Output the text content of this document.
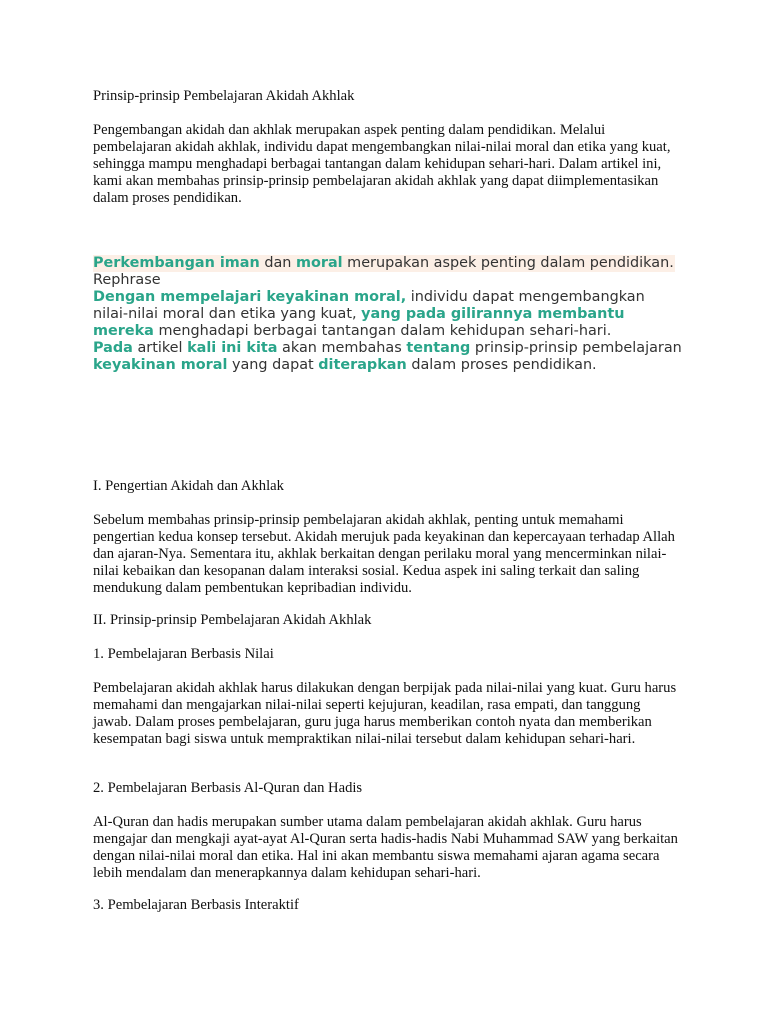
Prinsip-prinsip Pembelajaran Akidah Akhlak
Pengembangan akidah dan akhlak merupakan aspek penting dalam pendidikan. Melalui pembelajaran akidah akhlak, individu dapat mengembangkan nilai-nilai moral dan etika yang kuat, sehingga mampu menghadapi berbagai tantangan dalam kehidupan sehari-hari. Dalam artikel ini, kami akan membahas prinsip-prinsip pembelajaran akidah akhlak yang dapat diimplementasikan dalam proses pendidikan.
Perkembangan iman dan moral merupakan aspek penting dalam pendidikan.
Rephrase
Dengan mempelajari keyakinan moral, individu dapat mengembangkan nilai-nilai moral dan etika yang kuat, yang pada gilirannya membantu mereka menghadapi berbagai tantangan dalam kehidupan sehari-hari.
Pada artikel kali ini kita akan membahas tentang prinsip-prinsip pembelajaran keyakinan moral yang dapat diterapkan dalam proses pendidikan.
I. Pengertian Akidah dan Akhlak
Sebelum membahas prinsip-prinsip pembelajaran akidah akhlak, penting untuk memahami pengertian kedua konsep tersebut. Akidah merujuk pada keyakinan dan kepercayaan terhadap Allah dan ajaran-Nya. Sementara itu, akhlak berkaitan dengan perilaku moral yang mencerminkan nilai-nilai kebaikan dan kesopanan dalam interaksi sosial. Kedua aspek ini saling terkait dan saling mendukung dalam pembentukan kepribadian individu.
II. Prinsip-prinsip Pembelajaran Akidah Akhlak
1. Pembelajaran Berbasis Nilai
Pembelajaran akidah akhlak harus dilakukan dengan berpijak pada nilai-nilai yang kuat. Guru harus memahami dan mengajarkan nilai-nilai seperti kejujuran, keadilan, rasa empati, dan tanggung jawab. Dalam proses pembelajaran, guru juga harus memberikan contoh nyata dan memberikan kesempatan bagi siswa untuk mempraktikan nilai-nilai tersebut dalam kehidupan sehari-hari.
2. Pembelajaran Berbasis Al-Quran dan Hadis
Al-Quran dan hadis merupakan sumber utama dalam pembelajaran akidah akhlak. Guru harus mengajar dan mengkaji ayat-ayat Al-Quran serta hadis-hadis Nabi Muhammad SAW yang berkaitan dengan nilai-nilai moral dan etika. Hal ini akan membantu siswa memahami ajaran agama secara lebih mendalam dan menerapkannya dalam kehidupan sehari-hari.
3. Pembelajaran Berbasis Interaktif
